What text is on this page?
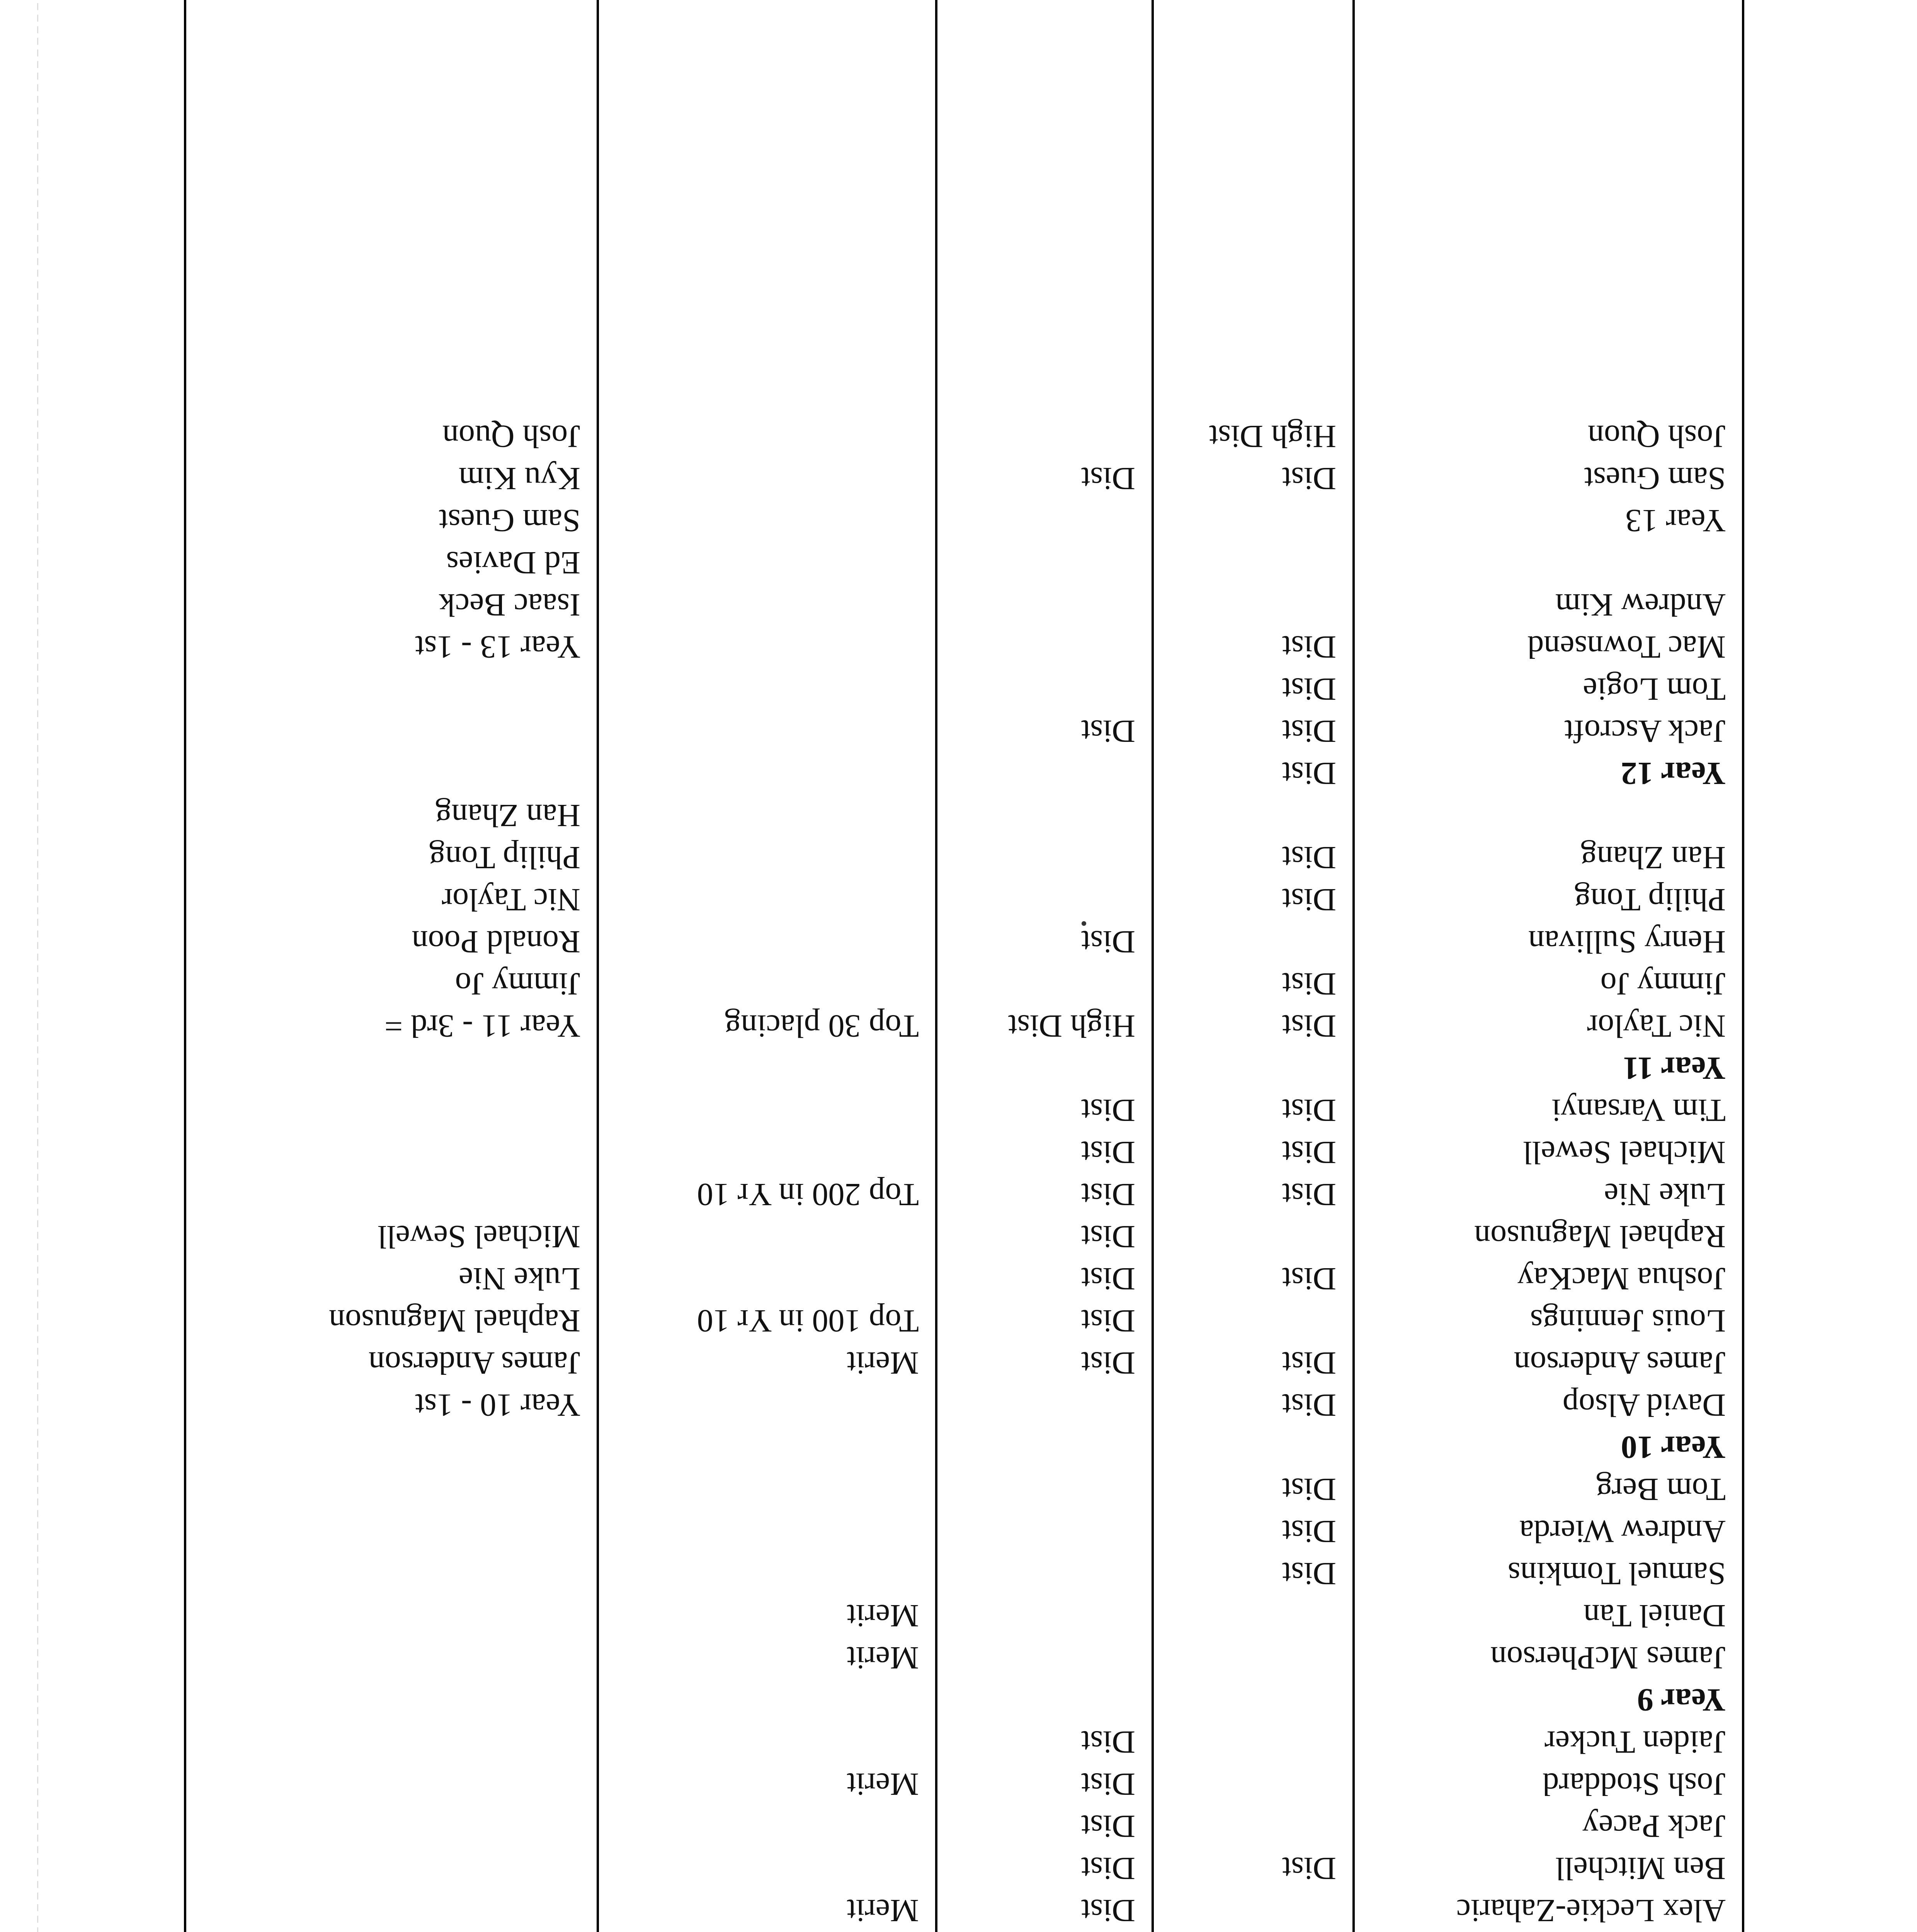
Alex Leckie-Zaharic		Dist	Merit	
Ben Mitchell	Dist	Dist		
Jack Pacey		Dist		
Josh Stoddard		Dist	Merit	
Jaiden Tucker		Dist		
Year 9				
James McPherson			Merit	
Daniel Tan			Merit	
Samuel Tomkins	Dist			
Andrew Wierda	Dist			
Tom Berg	Dist			
Year 10				
David Alsop	Dist			Year 10 - 1st
James Anderson	Dist	Dist	Merit	James Anderson
Louis Jennings		Dist	Top 100 in Yr 10	Raphael Magnuson
Joshua MacKay	Dist	Dist		Luke Nie
Raphael Magnuson		Dist		Michael Sewell
Luke Nie	Dist	Dist	Top 200 in Yr 10	
Michael Sewell	Dist	Dist		
Tim Varsanyi	Dist	Dist		
Year 11				
Nic Taylor	Dist	High Dist	Top 30 placing	Year 11 - 3rd =
Jimmy Jo	Dist			Jimmy Jo
Henry Sullivan		Dist		Ronald Poon
Philip Tong	Dist			Nic Taylor
Han Zhang	Dist			Philip Tong
				Han Zhang
Year 12	Dist			
Jack Ascroft	Dist	Dist		
Tom Logie	Dist			
Mac Townsend	Dist			Year 13 - 1st
Andrew Kim				Isaac Beck
				Ed Davies
Year 13				Sam Guest
Sam Guest	Dist	Dist		Kyu Kim
Josh Quon	High Dist			Josh Quon
